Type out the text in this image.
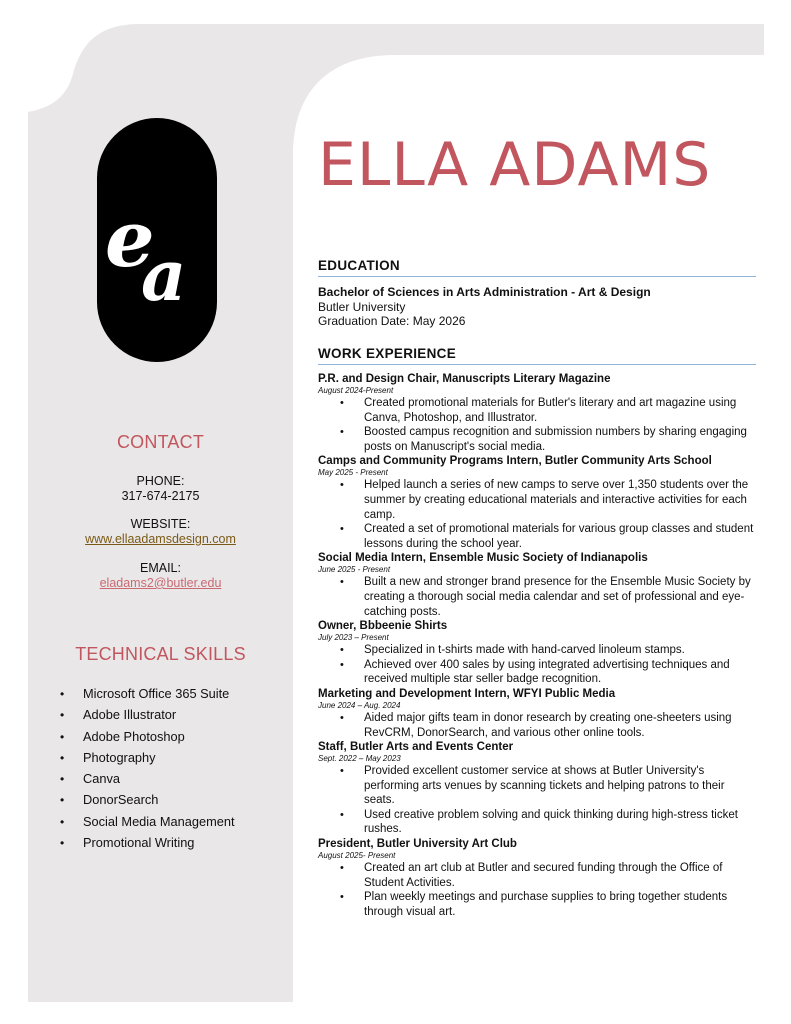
e
a
CONTACT
PHONE:
317-674-2175
WEBSITE:
www.ellaadamsdesign.com
EMAIL:
eladams2@butler.edu
TECHNICAL SKILLS
• Microsoft Office 365 Suite
• Adobe Illustrator
• Adobe Photoshop
• Photography
• Canva
• DonorSearch
• Social Media Management
• Promotional Writing
ELLA ADAMS
EDUCATION
Bachelor of Sciences in Arts Administration - Art & Design
Butler University
Graduation Date: May 2026
WORK EXPERIENCE
P.R. and Design Chair, Manuscripts Literary Magazine
August 2024-Present
• Created promotional materials for Butler's literary and art magazine using Canva, Photoshop, and Illustrator.
• Boosted campus recognition and submission numbers by sharing engaging posts on Manuscript's social media.
Camps and Community Programs Intern, Butler Community Arts School
May 2025 - Present
• Helped launch a series of new camps to serve over 1,350 students over the summer by creating educational materials and interactive activities for each camp.
• Created a set of promotional materials for various group classes and student lessons during the school year.
Social Media Intern, Ensemble Music Society of Indianapolis
June 2025 - Present
• Built a new and stronger brand presence for the Ensemble Music Society by creating a thorough social media calendar and set of professional and eye-catching posts.
Owner, Bbbeenie Shirts
July 2023 – Present
• Specialized in t-shirts made with hand-carved linoleum stamps.
• Achieved over 400 sales by using integrated advertising techniques and received multiple star seller badge recognition.
Marketing and Development Intern, WFYI Public Media
June 2024 – Aug. 2024
• Aided major gifts team in donor research by creating one-sheeters using RevCRM, DonorSearch, and various other online tools.
Staff, Butler Arts and Events Center
Sept. 2022 – May 2023
• Provided excellent customer service at shows at Butler University's performing arts venues by scanning tickets and helping patrons to their seats.
• Used creative problem solving and quick thinking during high-stress ticket rushes.
President, Butler University Art Club
August 2025- Present
• Created an art club at Butler and secured funding through the Office of Student Activities.
• Plan weekly meetings and purchase supplies to bring together students through visual art.
